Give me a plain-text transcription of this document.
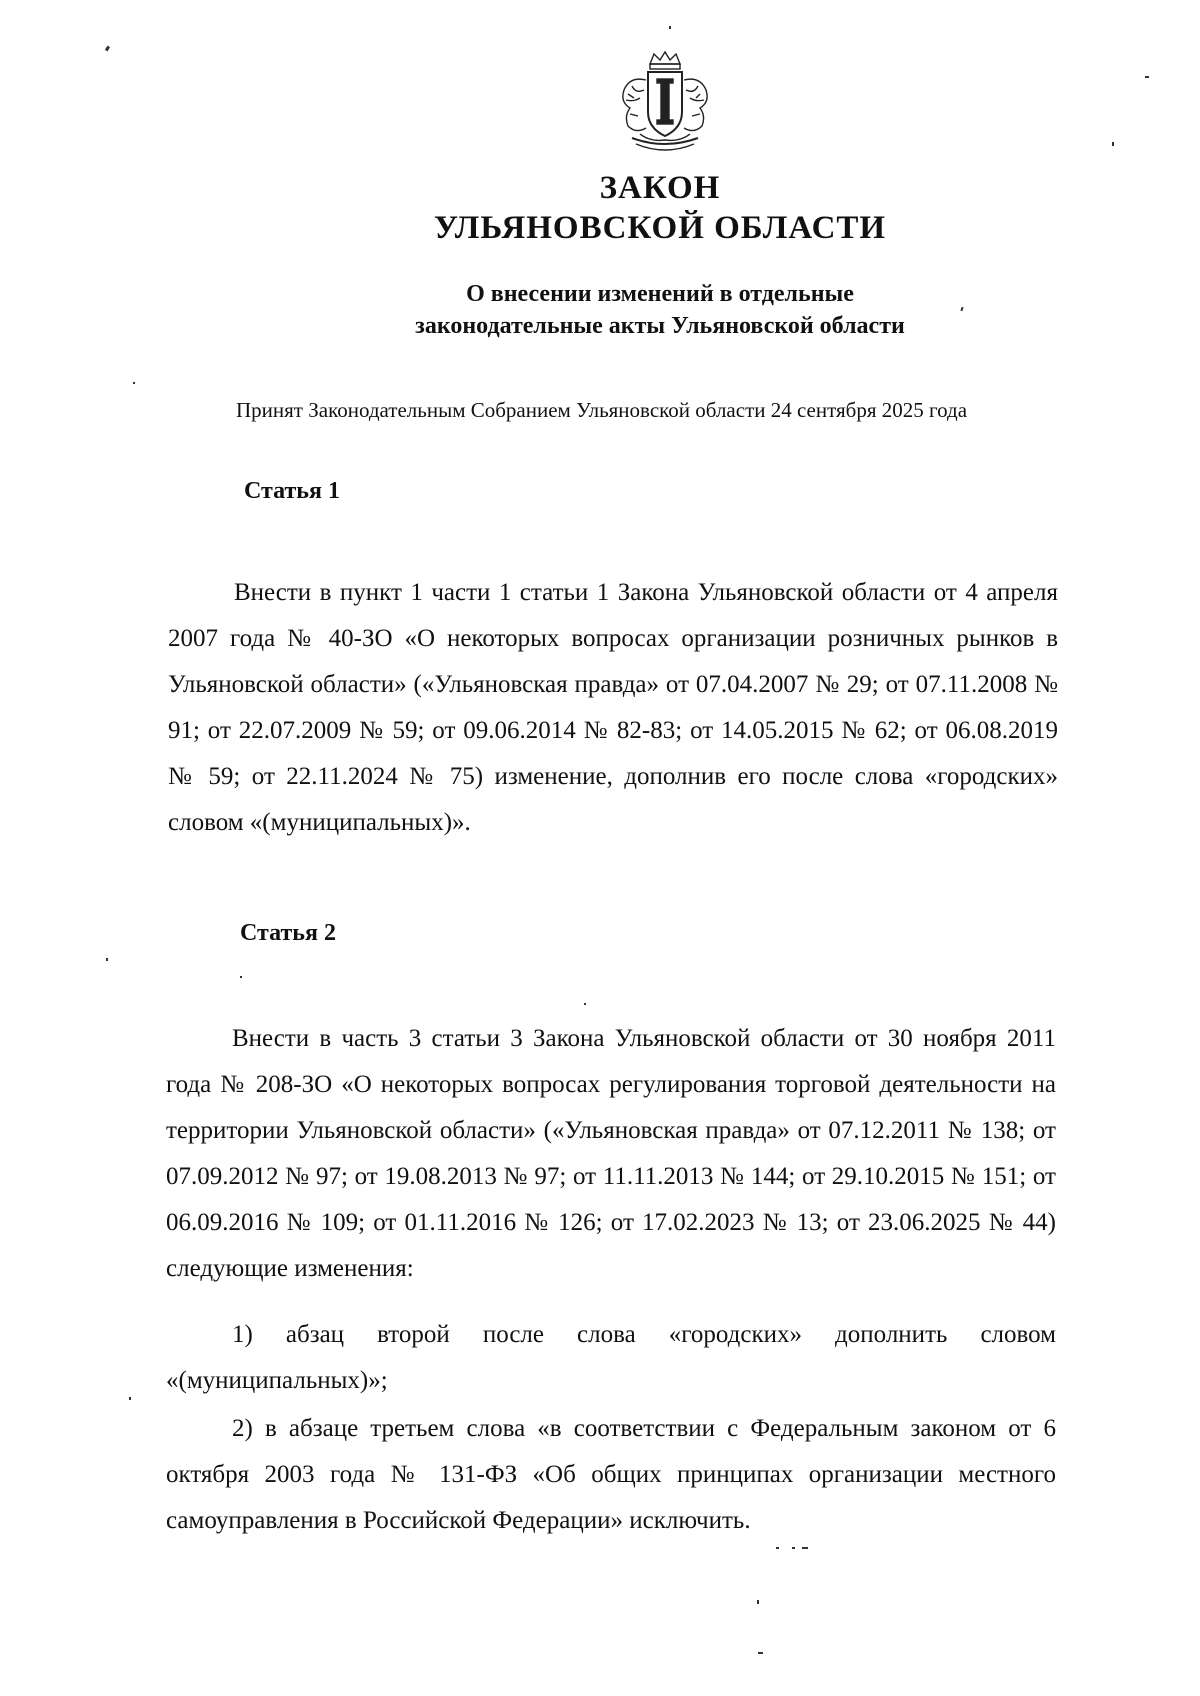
ЗАКОН
УЛЬЯНОВСКОЙ ОБЛАСТИ
О внесении изменений в отдельные
законодательные акты Ульяновской области
Принят Законодательным Собранием Ульяновской области 24 сентября 2025 года
Статья 1
Внести в пункт 1 части 1 статьи 1 Закона Ульяновской области от 4 апреля 2007 года № 40-ЗО «О некоторых вопросах организации розничных рынков в Ульяновской области» («Ульяновская правда» от 07.04.2007 № 29; от 07.11.2008 № 91; от 22.07.2009 № 59; от 09.06.2014 № 82-83; от 14.05.2015 № 62; от 06.08.2019 № 59; от 22.11.2024 № 75) изменение, дополнив его после слова «городских» словом «(муниципальных)».
Статья 2
Внести в часть 3 статьи 3 Закона Ульяновской области от 30 ноября 2011 года № 208-ЗО «О некоторых вопросах регулирования торговой деятельности на территории Ульяновской области» («Ульяновская правда» от 07.12.2011 № 138; от 07.09.2012 № 97; от 19.08.2013 № 97; от 11.11.2013 № 144; от 29.10.2015 № 151; от 06.09.2016 № 109; от 01.11.2016 № 126; от 17.02.2023 № 13; от 23.06.2025 № 44) следующие изменения:
1) абзац второй после слова «городских» дополнить словом «(муниципальных)»;
2) в абзаце третьем слова «в соответствии с Федеральным законом от 6 октября 2003 года № 131-ФЗ «Об общих принципах организации местного самоуправления в Российской Федерации» исключить.
